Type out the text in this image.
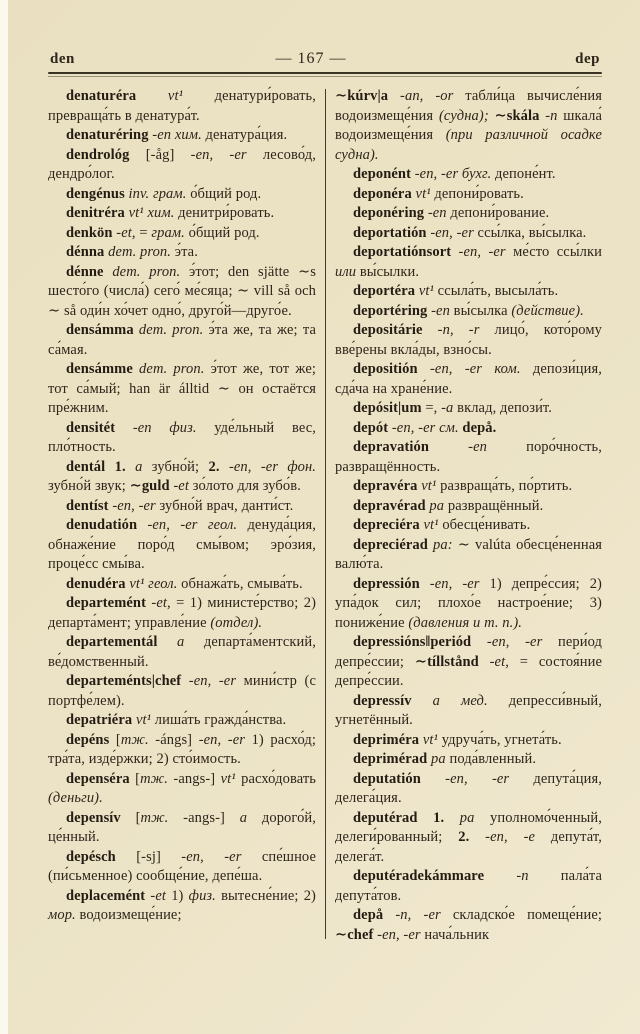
den	— 167 —	dep

denaturéra vt¹ денатури́ровать, превраща́ть в денатура́т.

denaturéring -en хим. денатура́ция.

dendrológ [-åg] -en, -er лесово́д, дендро́лог.

dengénus inv. грам. о́бщий род.

denitréra vt¹ хим. денитри́ровать.

denkön -et, = грам. о́бщий род.

dénna dem. pron. э́та.

dénne dem. pron. э́тот; den sjätte ∼s шесто́го (числа́) сего́ ме́сяца; ∼ vill så och ∼ så оди́н хо́чет одно́, друго́й—друго́е.

densámma dem. pron. э́та же, та же; та са́мая.

densámme dem. pron. э́тот же, тот же; тот са́мый; han är álltid ∼ он остаётся пре́жним.

densitét -en физ. уде́льный вес, пло́тность.

dentál 1. a зубно́й; 2. -en, -er фон. зубно́й звук; ∼guld -et зо́лото для зубо́в.

dentíst -en, -er зубно́й врач, данти́ст.

denudatión -en, -er геол. денуда́ция, обнаже́ние поро́д смы́вом; эро́зия, проце́сс смы́ва.

denudéra vt¹ геол. обнажа́ть, смыва́ть.

departemént -et, = 1) министе́рство; 2) департа́мент; управле́ние (отдел).

departementál a департа́ментский, ве́домственный.

departeménts|chef -en, -er мини́стр (с портфе́лем).

depatriéra vt¹ лиша́ть гражда́нства.

depéns [тж. -ángs] -en, -er 1) расхо́д; тра́та, изде́ржки; 2) сто́имость.

depenséra [тж. -angs-] vt¹ расхо́довать (деньги).

depensív [тж. -angs-] a дорого́й, це́нный.

depésch [-sj] -en, -er спе́шное (пи́сьменное) сообще́ние, депе́ша.

deplacemént -et 1) физ. вытесне́ние; 2) мор. водоизмеще́ние;

∼kúrv|a -an, -or табли́ца вычисле́ния водоизмеще́ния (судна); ∼skála -n шкала́ водоизмеще́ния (при различной осадке судна).

deponént -en, -er бухг. депоне́нт.

deponéra vt¹ депони́ровать.

deponéring -en депони́рование.

deportatión -en, -er ссы́лка, вы́сылка.

deportatiónsort -en, -er ме́сто ссы́лки или вы́сылки.

deportéra vt¹ ссыла́ть, высыла́ть.

deportéring -en вы́сылка (действие).

depositárie -n, -r лицо́, кото́рому вве́рены вкла́ды, взно́сы.

depositión -en, -er ком. депози́ция, сда́ча на хране́ние.

depósit|um =, -a вклад, депози́т.

depót -en, -er см. depå.

depravatión -en поро́чность, развращённость.

depravéra vt¹ развраща́ть, по́ртить.

depravérad pa развращённый.

depreciéra vt¹ обесце́нивать.

depreciérad pa: ∼ valúta обесце́ненная валю́та.

depressión -en, -er 1) депре́ссия; 2) упа́док сил; плохо́е настрое́ние; 3) пониже́ние (давления и т. п.).

depressións‖periód -en, -er пери́од депре́ссии; ∼tíllstånd -et, = состоя́ние депре́ссии.

depressív a мед. депресси́вный, угнетённый.

depriméra vt¹ удруча́ть, угнета́ть.

deprimérad pa пода́вленный.

deputatión -en, -er депута́ция, делега́ция.

deputérad 1. pa уполномо́ченный, делеги́рованный; 2. -en, -e депута́т, делега́т.

deputéradekámmare -n пала́та депута́тов.

depå -n, -er складско́е помеще́ние; ∼chef -en, -er нача́льник
